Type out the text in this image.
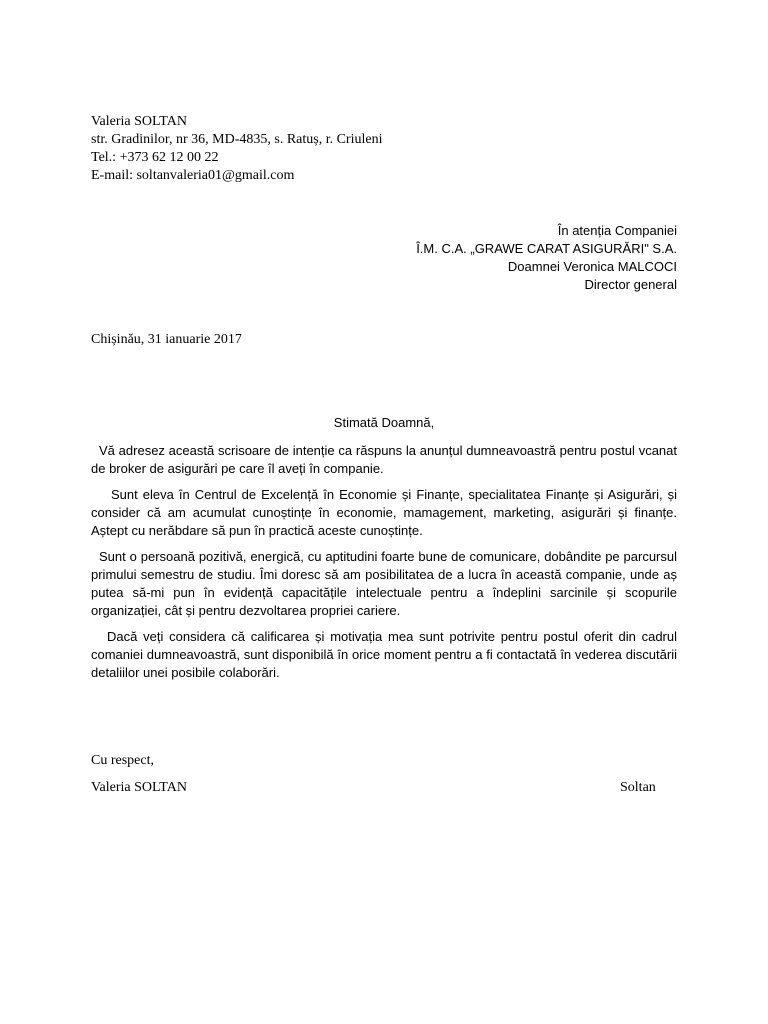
Valeria SOLTAN
str. Gradinilor, nr 36, MD-4835, s. Ratuș, r. Criuleni
Tel.: +373 62 12 00 22
E-mail: soltanvaleria01@gmail.com
În atenția Companiei
Î.M. C.A. „GRAWE CARAT ASIGURĂRI" S.A.
Doamnei Veronica MALCOCI
Director general
Chișinău, 31 ianuarie 2017
Stimată Doamnă,

Vă adresez această scrisoare de intenție ca răspuns la anunțul dumneavoastră pentru postul vcanat de broker de asigurări pe care îl aveți în companie.

Sunt eleva în Centrul de Excelență în Economie și Finanțe, specialitatea Finanțe și Asigurări, și consider că am acumulat cunoștințe în economie, mamagement, marketing, asigurări și finanțe. Aștept cu nerăbdare să pun în practică aceste cunoștințe.

Sunt o persoană pozitivă, energică, cu aptitudini foarte bune de comunicare, dobândite pe parcursul primului semestru de studiu. Îmi doresc să am posibilitatea de a lucra în această companie, unde aș putea să-mi pun în evidență capacitățile intelectuale pentru a îndeplini sarcinile și scopurile organizației, cât și pentru dezvoltarea propriei cariere.

Dacă veți considera că calificarea și motivația mea sunt potrivite pentru postul oferit din cadrul comaniei dumneavoastră, sunt disponibilă în orice moment pentru a fi contactată în vederea discutării detaliilor unei posibile colaborări.

Cu respect,
Valeria SOLTAN	Soltan
